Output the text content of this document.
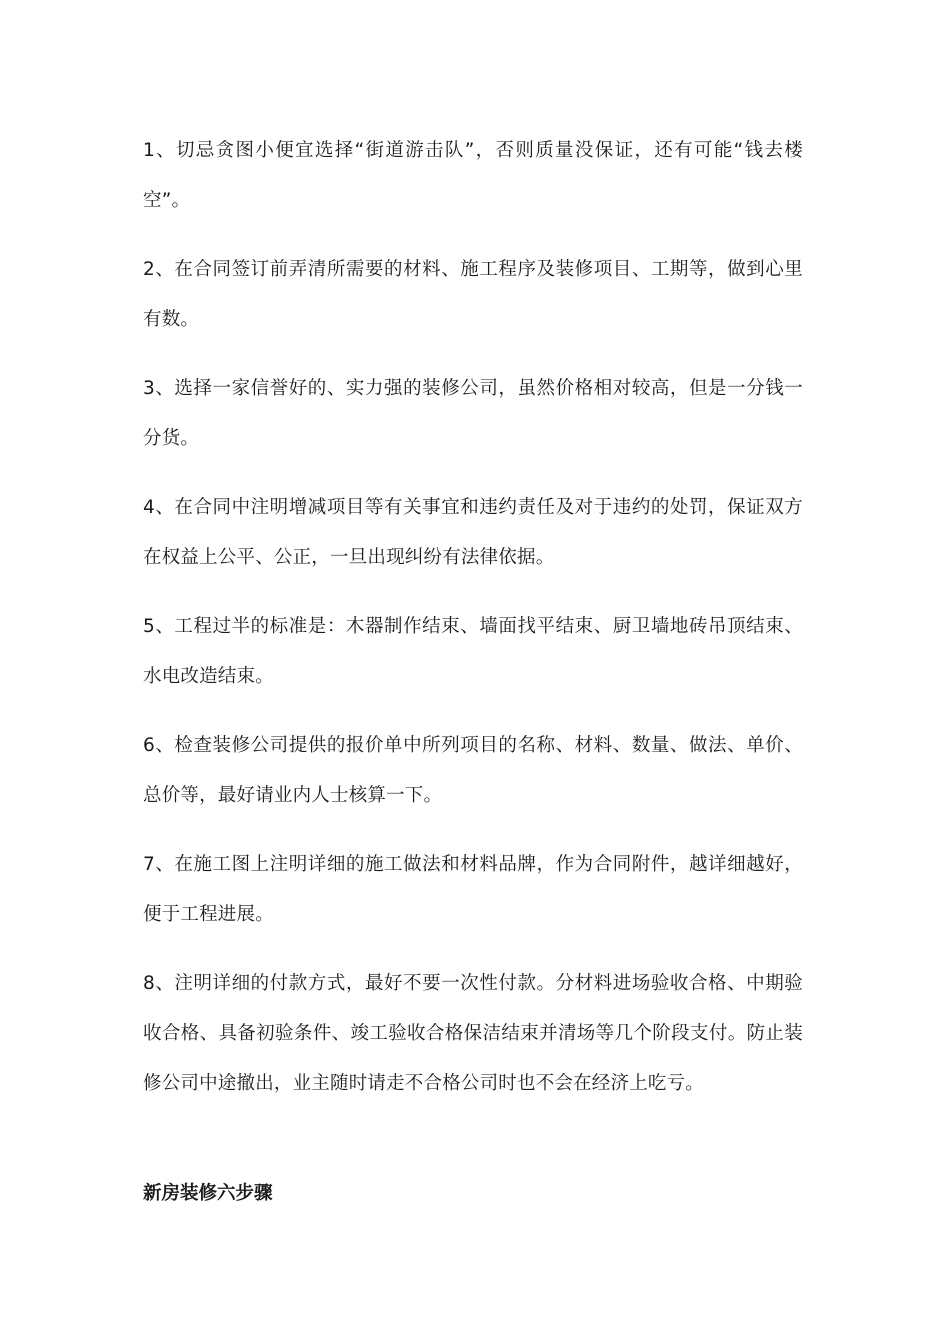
1、切忌贪图小便宜选择“街道游击队”，否则质量没保证，还有可能“钱去楼空”。

2、在合同签订前弄清所需要的材料、施工程序及装修项目、工期等，做到心里有数。

3、选择一家信誉好的、实力强的装修公司，虽然价格相对较高，但是一分钱一分货。

4、在合同中注明增减项目等有关事宜和违约责任及对于违约的处罚，保证双方在权益上公平、公正，一旦出现纠纷有法律依据。

5、工程过半的标准是：木器制作结束、墙面找平结束、厨卫墙地砖吊顶结束、水电改造结束。

6、检查装修公司提供的报价单中所列项目的名称、材料、数量、做法、单价、总价等，最好请业内人士核算一下。

7、在施工图上注明详细的施工做法和材料品牌，作为合同附件，越详细越好，便于工程进展。

8、注明详细的付款方式，最好不要一次性付款。分材料进场验收合格、中期验收合格、具备初验条件、竣工验收合格保洁结束并清场等几个阶段支付。防止装修公司中途撤出，业主随时请走不合格公司时也不会在经济上吃亏。

新房装修六步骤
